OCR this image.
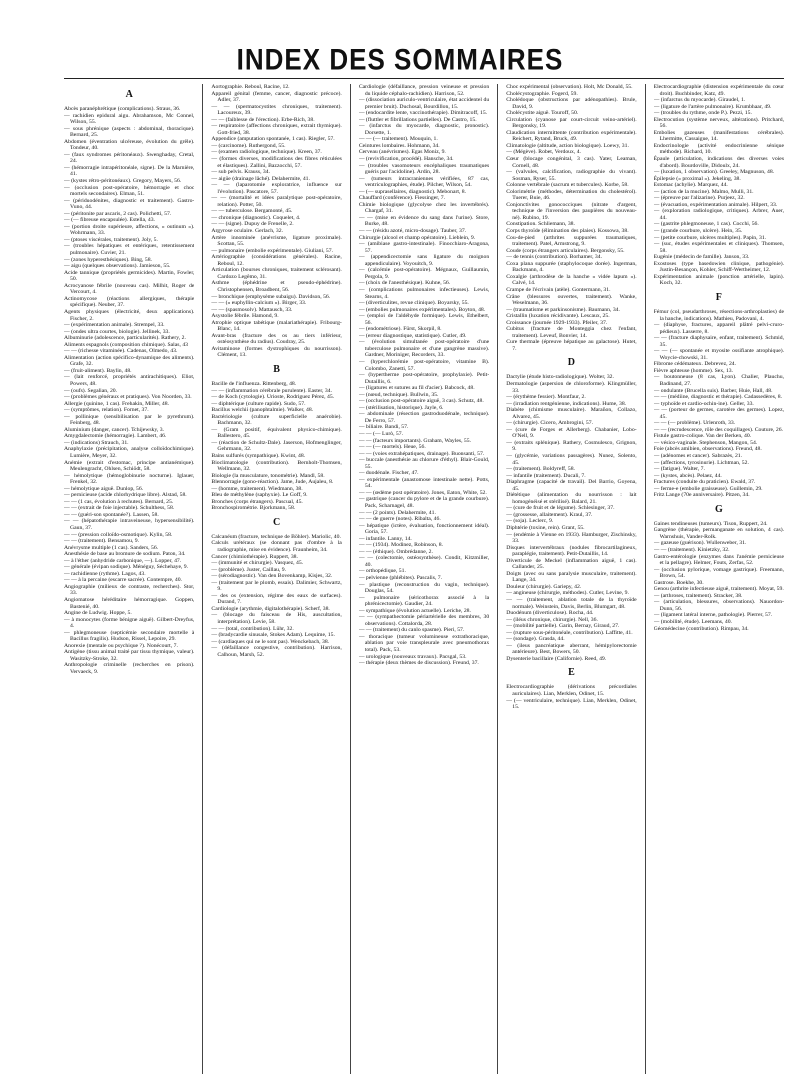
INDEX DES SOMMAIRES

A

Abcès paranéphrétique (complications). Straus, 36.

— rachidien epidural aigu. Abrahamson, Mc Connel, Wilson, 55.

— sous phrénique (aspects : abdominal, thoracique). Bernard, 25.

Abdomen (éventration ulcéreuse, évolution du grêle). Tondeur, 40.

— (faux syndromes péritonéaux). Swenghaday, Cretal, 24.

— (hémorragie intrapéritonéale, signe). De la Marnière, 41.

— (kystes rétro-péritonéaux). Gregory, Mayers, 56.

— (occlusion post-opératoire, hémorragie et choc mortels secondaires). Elman, 51.

— (périduodénites, diagnostic et traitement). Gastro-Vuno, 44.

— (péritonite par ascaris, 2 cas). Polichetti, 57.

— (— fibreuse encapsulée). Estella, 43.

— (portion droite supérieure, affections, « outinum »). Wohrmann, 33.

— (ptoses viscérales, traitement). Joly, 5.

— (troubles hépatiques et entériques, retentissement pulmonaire). Cuvier, 21.

— (zones hyperesthésiques). Bing, 58.

— aigu (quelques observations). Jamieson, 55.

Acide tannique (propriétés germicides). Martin, Fowler, 50.

Acrocyanose fébrile (nouveau cas). Milhit, Roger de Vercourt, 4.

Actinomycose (réactions allergiques, thérapie spécifique). Neuber, 37.

Agents physiques (électricité, deux applications). Fischer, 2.

— (expérimentation animale). Strempel, 33.

— (ondes ultra courtes, biologie). Jellinek, 33.

Albuminurie (adolescence, particularités). Rathery, 2.

Aliments espagnols (composition chimique). Salas, 43

— — (richesse vitaminée). Cadenas, Olmedo, 43.

Alimentation (action spécifico-dynamique des aliments). Grafe, 32.

— (fruit-aliment). Baylin, 48.

— (lait renforcé, propriétés antirachitiques). Eliot, Powers, 48.

— (oufs). Segalian, 20.

— (problèmes généraux et pratiques). Von Noorden, 33.

Allergie (quinine, 1 cas). Frehakin, Miller, 48.

— (symptômes, relation). Fornet, 37.

— pollinique (sensibilisation par le pyrethrum). Feinberg, 48.

Aluminium (danger, cancer). Tchijewsky, 3.

Amygdalectomie (hémorragie). Lambert, 46.

— (indications) Strauch, 31.

Anaphylaxie (précipitation, analyse colloïdochimique). Lumière, Meyer, 32.

Anémie (extrait d'estomac, principe antianémique). Meulengracht, Ohlsen, Schiödt, 58.

— hémolytique (hémoglobinurie nocturne). Iglauer, Frenkel, 32.

— hémolytique aiguë. Dunlop, 56.

— pernicieuse (acide chlorhydrique libre). Alstad, 58.

— — (1 cas, évolution à rechutes). Bernard, 25.

— — (extrait de foie injectable). Schulthess, 58.

— — (guéri-son spontanée?). Lassen, 58.

— — (hépatothérapie intraveineuse, hypersensibilité). Gaun, 37.

— — (pression colloïdo-osmotique). Kylin, 58.

— — (traitement). Bensamou, 9.

Anévrysme multiple (1 cas). Sanders, 56.

Anesthésie de base au bromure de sodium. Paton, 34.

— à l'éther (anhydride carbonique, —). Lopper, 47.

— générale (évipan sodique). Ménéguy, Séchehaye, 9.

— rachidienne (rythme). Lagos, 43.

— — à la percaine (escarre sacrée). Contempre, 40.

Angiographie (milieux de contraste, recherches). Stor, 33.

Angiomatose héréditaire hémorragique. Goppen, Bastenié, 40.

Angine de Ludwig. Hoppe, 5.

— à monocytes (forme bénigne aiguë). Gilbert-Dreyfus, 4.

— phlegmoneuse (septicémie secondaire mortelle à Bacillus fragilis). Hudson, Rissel, Lepoire, 29.

Anorexie (mentale ou psychique ?). Nonécourt, 7.

Antigène (tissu animal traité par tissu thymique, valeur). Wasitzky-Stroke, 32.

Anthropologie criminelle (recherches en prison). Vervaeck, 9.

Aortographie. Reboul, Racine, 12.

Appareil génital (femme, cancer, diagnostic précoce). Adler, 37.

— — (spermatocystites chroniques, traitement). Lacoureux, 39.

— — (faiblesse de l'érection). Erbe-Rich, 38.

— respiratoire (affections chroniques, extrait thymique). Gott-fried, 38.

Appendice (amputation spontanée, 1 cas). Riegler, 57.

— (carcinome). Ruthergond, 55.

— (examen radiologique, technique). Kreen, 37.

— (formes diverses, modifications des fibres réticulées et élastiques). Zallini, Bazzocchi, 57.

— sub pelvis. Krauss, 34.

— aigüe (drainage lâché). Delahermite, 41.

— — (laparotomie exploratrice, influence sur l'évolution). Pascatore, 57.

— — (mortalité et idées paralytique post-opératoire, relation). Potter, 50.

— — tuberculose. Bergamonté, 45.

— chronique (diagnostic). Coquelet, 4.

— — (signe). Dupuy de Frenelle, 2.

Argyrose oculaire. Gerlach, 32.

Artère innominée (anévrisme, ligature proximale). Scottan, 55.

— pulmonaire (embolie expérimentale). Giuliani, 57.

Artériographie (considérations générales). Racine, Reboul, 12.

Articulation (bourses chroniques, traitement sclérosant). Cardozo Legêmo, 31.

Asthme (éphédrine et pseudo-éphédrine). Christophensen, Broadbent, 56.

— bronchique (emphysème subaigu). Davidson, 56.

— — (« euphyllin-calcium »). Birger, 33.

— — (spasmosolv). Mattausch, 33.

Asystolie fébrile. Hamond, 9.

Atrophie optique tabétique (malariathérapie). Fribourg-Blanc, 14.

Avant-bras (fracture des os au tiers inférieur, ostéosynthèse du radius). Coudray, 25.

Avitaminose (formes dystrophiques du nourrisson). Clément, 13.

B

Bacille de l'influenza. Rittenberg, 48.

— — (inflammation cérébrale purulente). Easter, 34.

— de Koch (cytologie). Urioste, Rodriguez Pérez, 45.

— diphtérique (culture rapide). Sudo, 57.

Bacillus welchii (panophtalmie). Walker, 48.

Bactériologie (culture superficielle anaérobie). Bachmann, 32.

— (Gram positif, équivalent physico-chimique). Ballestero, 45.

— (réaction de Schultz-Dale). Jaserson, Hofmenglinger, Gehrmann, 32.

Bains sulfurés (sympathique). Kwint, 48.

Bioclimatologie (contribution). Bernholt-Thomsen, Wellmann, 32.

Biologie (la musculature, tonométrie). Mandl, 58.

Blennorragie (gono-réaction). Jame, Jude, Aujaleu, 8.

— (homme, traitement). Wiedmann, 38.

Bleu de méthylène (saphyxie). Le Goff, 9.

Bronches (corps étrangers). Pascual, 45.

Bronchospirométrie. Bjorkmann, 58.

C

Calcanéum (fracture, technique de Böhler). Mariolic, 40.

Calculs urétéraux (se donnant pas d'ombre à la radiographie, mise en évidence). Fraunheim, 34.

Cancer (chimiothérapie). Ruppert, 38.

— (immunité et chirurgie). Vasquez, 45.

— (problème). Juster, Caillau, 9.

— (sérodiagnostic). Van den Bovenkamp, Kisjes, 32.

— (traitement par le plomb, essais). Dalimier, Schwartz, 9.

— des os (extension, régime des eaux de surfaces). Durand, 7.

Cardiologie (arythmie, digitalothérapie). Scherf, 38.

— (blocage du faisceau de His, auscultation, interprétation). Levie, 58.

— — (total, contribution). Lühr, 32.

— (bradycardie sinusale, Stokes Adam). Lequime, 15.

— (cardiaques qui ne le sont pas). Wenckebach, 38.

— (défaillance congestive, contribution). Harrison, Calhoun, Marsh, 52.

Cardiologie (défaillance, pression veineuse et pression du liquide céphalo-rachidien). Harrison, 52.

— (dissociation auriculo-ventriculaire, état accidentel du premier bruit). Duchosal, Bourdillon, 15.

— (endocardite lente, vaccinothérapie). Dimitracoff, 15.

— (fluttler et fibrillations partielles). De Castro, 15.

— (infarctus du myocarde, diagnostic, pronostic). Dorsette, 1.

— — (— traitement). Mouquin, 1.

Ceintures lombaires. Hohmann, 34.

Cerveau (anévrismes). Egas Moniz, 9.

— (revivification, procédé). Hansche, 34.

— (troubles vasomoteurs encéphaliques traumatiques guéris par l'acidoline). Ardin, 28.

— (tumeurs intracraniennes vérifiées, 87 cas, ventriculographies, étude). Pilcher, Wilson, 54.

— (— suprasellaires, diagnostic). Mebonart, 8.

Chauffard (conférence). Fiessinger, 7.

Chimie biologique (glycolyse chez les invertébrés). Chargaf, 31.

— — (mise en évidence du sang dans l'urine). Store, Burke, 48.

— — (résidu azoté, micro-dosage). Tauber, 37.

Chirurgie (alcool et champ opératoire). Lieblein, 9.

— (amibiase gastro-intestinale). Finocchiaro-Aragona, 57.

— (appendicectomie sans ligature du moignon appendiculaire). Voyouitch, 9.

— (calcémie post-opératoire). Mégnaux, Guillaumin, Pergola, 9.

— (choix de l'anesthésique). Kuhne, 56.

— (complications pulmonaires infectieuses). Lewis, Stearns, 4.

— (diverticulites, revue clinique). Boyarsky, 55.

— (embolies pulmonaires expérimentales). Boyton, 48.

— (emploi de l'aldéhyde formique). Lewis, Ethelbert, 56.

— (endométriose). Fürst, Skorpil, 8.

— (erreur diagnostique, statistique). Cutler, 49.

— (évolution simultanée post-opératoire d'une tuberculose pulmonaire et d'une gangrène massive). Gardner, Moriniger, Recorders, 33.

— (hyperchlorémie post-opératoire, vitamine B). Colombo, Zanetti, 57.

— (hypertherme post-opératoire, prophylaxie). Petit-Dutaillis, 6.

— (ligatures et sutures au fil d'acier). Babcock, 48.

— (nœud, technique). Bullwin, 35.

— (occlusion post-opératoire aiguë, 3 cas). Schutz, 48.

— (stérilisation, historique). Jayle, 6.

— abdominale (résection gastroduodénale, technique). De Ferro, 57.

— biliaire. Bandi, 57.

— — (— Lurò, 57.

— — (facteurs importants). Graham, Wayles, 55.

— — (— mortels). Heue, 56.

— — (voies extrahépatiques, drainage). Buonsanti, 57.

— buccale (anesthésie au chlorure d'éthyl). Blair-Gould, 55.

— duodénale. Fischer, 47.

— expérimentale (anastomose intestinale nette). Potts, 54.

— — (œdème post opératoire). Jones, Eaton, White, 52.

— gastrique (cancer du pylore et de la grande courbure). Pack, Scharnagel, 48.

— — (2 points). Delahermite, 41.

— — de guerre (notes). Ribalta, 46.

— hépatique (ictère, évaluation, fonctionnement idéal). Goria, 57.

— infantile. Lanny, 14.

— — (1934). Modinez, Robinson, 8.

— — (éthique). Ombrédanne, 2.

— — (colectomie, ostéosynthèse). Condit, Kitzmiller, 40.

— orthopédique, 51.

— pelvienne (phlébites). Pascalis, 7.

— plastique (reconstruction du vagin, technique). Douglas, 54.

— pulmonaire (séricothorax associé à la phrénicectomie). Gaudier, 24.

— sympathique (évolution actuelle). Leriche, 28.

— — (sympathectomie périartérielle des membres, 30 observations). Cottalorda, 28.

— — (traitement) du canlo spasme). Pieri, 57.

— thoracique (tumeur volumineuse extrathoracique, ablation par voie transpleurale avec pneumothorax total). Pack, 53.

— urologique (nouveaux travaux). Pacsgal, 53.

— thérapie (deux thèmes de discussion). Freund, 37.

Choc expérimental (observation). Holt, Mc Donald, 55.

Cholécystographie. Fogerd, 59.

Cholédoque (obstructions par adénopathies). Brule, David, 9.

Cholécystite aiguë. Touroff, 50.

Circulation (cyanose par court-circuit veino-artériel). Bergonsky, 19.

Claudication intermittente (contribution expérimentale). Reichert, Rytand, Bruck, 49.

Climatologie (altitude, action biologique). Loewy, 31.

— (Mégève). Robet, Verdoux, 4.

Cœur (blocage congénital, 3 cas). Yater, Leaman, Cornell, 48.

— (valvules, calcification, radiographie du vivant). Sosman, Ryser, 55.

Colonne vertébrale (sacrum et tubercules). Korbe, 58.

Colorimétrie (méthodes, détermination du cholestérol). Tuerer, Buie, 46.

Conjonctivites gonococciques (nitrate d'argent, technique de l'inversion des paupières du nouveau-né). Rubino, 19.

Constipation. Schliemann, 38.

Corps thyroïde (élimination des plaies). Kossowa, 38.

Cou-de-pied (arthrites suppurées traumatiques, traitement). Patel, Armstrong, 9.

Coude (corps étrangers articulaires). Bergonsky, 55.

— de tennis (contribution). Borhamer, 34.

Coxa plana suppurée (staphylocoque dorée). Ingerman, Backmann, 4.

Coxalgie (arthrodèse de la hanche « vidée lapum »). Calvé, 14.

Crampe de l'écrivain (atèle). Gontermann, 31.

Crâne (blessures ouvertes, traitement). Wanke, Weselmann, 36.

— (traumatisme et parkinsonisme). Baumann, 34.

Cristallin (luxation récidivante). Lescaux, 25.

Croissance (journée 1929-1933). Pfeiler, 37.

Cubitus (fracture de Monteggia chez l'enfant, traitement). Leveuf, Bonvier, 14.

Cure thermale (épreuve hépatique au galactose). Hutet, 7.

D

Dactylie (étude histo-radiologique). Wolter, 32.

Dermatologie (aspersion de chloroforme). Klingmüller, 33.

— (érythème fessier). Montfaur, 2.

— (irradiation rentgénienne, indications). Hume, 38.

Diabète (chimisme musculaire). Marañon, Collazo, Alvarez, 45.

— (chirurgie). Cicero, Ambrogini, 57.

— (cure de Forges et Allerberg). Chabanier, Lobo-O'Nell, 9.

— (extraits splénique). Rathery, Cosmulesco, Grignon, 9.

— (glycémie, variations passagères). Nunez, Solento, 45.

— (traitement). Boldyreff, 58.

— infantile (traitement). Ducali, 7.

Diaphragme (capacité de travail). Del Barrio, Goyena, 45.

Diététique (alimentation du nourrisson : lait homogénéisé et stérilisé). Balard, 21.

— (cure de fruit et de légume). Schlesinger, 37.

— (grossesse, allaitement). Kraul, 37.

— (soja). Leclerc, 9.

Diphtérie (toxine, rein). Grant, 55.

— (endémie à Vienne en 1933). Hamburger, Zischinsky, 33.

Disques intervertébraux (nodules fibrocartilagineux, paraplégie, traitement). Petit-Dutaillis, 14.

Diverticule de Meckel (inflammation aiguë, 1 cas). Callander, 25.

Doigts (avec ou sans paralysie musculaire, traitement). Lange, 34.

Douleur (chirurgie). Gariepy, 42.

— angineuse (chirurgie, méthodes). Cutler, Levine, 9.

— — (traitement, ablation totale de la thyroïde normale). Weinstein, Davis, Berlin, Blumgart, 48.

Duodénum (diverticulose). Rocha, 44.

— (iléus chronique, chirurgie). Nell, 36.

— (mobilité partielle). Garin, Bernay, Giraud, 27.

— (rupture sous-péritonéale, contribution). Laffitte, 41.

— (sondage). Grasda, 44.

— (ileus pancréatique aberrant, hémipylorectomie antérieure). Best, Bowers, 50.

Dysenterie bacillaire (Californie). Reed, 49.

E

Electrocardiographie (dérivations précordiales auriculaires). Lian, Merklen, Odinet, 15.

— (— ventriculaire, technique). Lian, Merklen, Odinet, 15.

Electrocardiographie (distension expérimentale du cœur droit). Buchbinder, Katz, 49.

— (infarctus du myocarde). Giraudel, 1.

— (ligature de l'artère pulmonaire). Krumbhaar, 49.

— (troubles du rythme, onde P.). Pezzi, 15.

Electrocution (système nerveux, altérations). Pritchard, 56.

Embolies gazeuses (manifestations cérébrales). Lhermitte, Cassaigue, 14.

Endocrinologie (activité endocrinienne sénique méthode). Richard, 10.

Épaule (articulation, indications des diverses voies d'abord). Bourdoville, Didoulx, 24.

— (luxation, 1 observation). Greeley, Magnuson, 48.

Épilepsie (« proximal »). Jekeling, 38.

Estomac (achylie). Marquez, 44.

— (action de la mucine). Malmo, Mulli, 31.

— (épreuve par l'alizarine). Purjeez, 32.

— (évacuation, expérimentation animale). Hilpert, 33.

— (exploration radiologique, critiques). Arbrer, Auer, 44.

— (gastrite phlegmoneuse, 1 cas). Cocchi, 56.

— (grande courbure, ulcère). Hein, 35.

— (petite courbure, ulcères multiples). Papin, 31.

— (suc, études expérimentales et cliniques). Thomsen, 58.

Eugénie (médecin de famille). Janson, 33.

Exostoses (type basedowien clinique, pathogénie). Justin-Besançon, Kohler, Schiff-Wertheimer, 12.

Expérimentation animale (ponction artérielle, lapin). Koch, 32.

F

Fémur (col, pseudarthroses, résections-arthroplasties) de la hanche, indications). Mathieu, Padovani, 4.

— (diaphyse, fractures, appareil plâtré pelvi-cruro-pédieux). Lasserre, 8.

— — (fracture diaphysaire, enfant, traitement). Schmid, 35.

— — (— spontanée et myosite ossifiante atrophique). Woycie-chowski, 31.

Fibrome cédémateux. Debrevez, 24.

Fièvre aphteuse (homme). Sex, 13.

— boutonneuse (8 cas, Lyon). Chalier, Plauchu, Badinand, 27.

— ondulante (Brucella suis). Barber, Huie, Hall, 48.

— — (médiine, diagnostic et thérapie). Cadassedères, 8.

— typhoïde et cardio-ochin-ine). Geller, 33.

— — (porteur de germes, carotère des germes). Lopez, 45.

— — (— problème). Urlenroth, 33.

— — (recrudescence, rôle des coquillages). Couture, 26.

Fistule gastro-colique. Van der Berken, 40.

— vésico-vaginale. Stephenson, Mangon, 54.

Foie (abcès amibien, observations). Freund, 48.

— (adénomes et cancer). Sabrazès, 21.

— (affections, tyrosinurie). Lichtman, 52.

— (fatigue). Walter, 7.

— (kystes, abcès). Pelaez, 44.

Fractures (conduite du praticien). Ewald, 37.

— ferme-e (embolie graisseuse). Guillemin, 29.

Fritz Lange (70e anniversaire). Pitzen, 34.

G

Gaines tendineuses (tumeurs). Tison, Ruppert, 24.

Gangrène (thérapie, permanganate en solution, 4 cas). Warnshuis, Vander-Rolk.

— gazeuse (guérison). Wullenweber, 31.

— — (traitement). Kinietzky, 32.

Gastro-entérologie (enzymes dans l'anémie pernicieuse et la pellagre). Helmer, Fouts, Zerfas, 52.

— (occlusion pylorique, vomage gastrique). Freemann, Brown, 54.

Gastrose. Boekhe, 30.

Genou (arthrite infectieuse aiguë, traitement). Moyat, 59.

— (arthroses, traitement). Stracker, 38.

— (articulation, blessures, observations). Nauordon-Dunn, 56.

— (ligament latéral interne, pathologie). Pierrer, 57.

— (mobilité, étude). Leemans, 40.

Géomédecine (contribution). Rimpau, 34.
